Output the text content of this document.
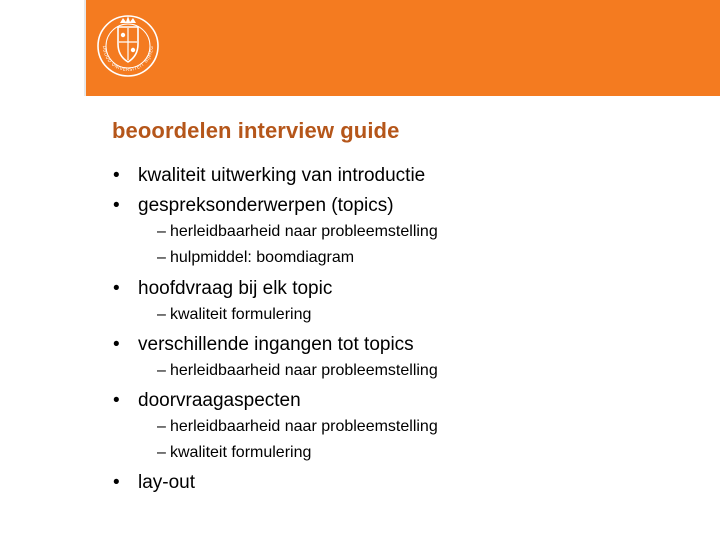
DBOUD UNIVERSITEIT NIJMEG
beoordelen interview guide
• kwaliteit uitwerking van introductie
• gespreksonderwerpen (topics)
– herleidbaarheid naar probleemstelling
– hulpmiddel: boomdiagram
• hoofdvraag bij elk topic
– kwaliteit formulering
• verschillende ingangen tot topics
– herleidbaarheid naar probleemstelling
• doorvraagaspecten
– herleidbaarheid naar probleemstelling
– kwaliteit formulering
• lay-out
